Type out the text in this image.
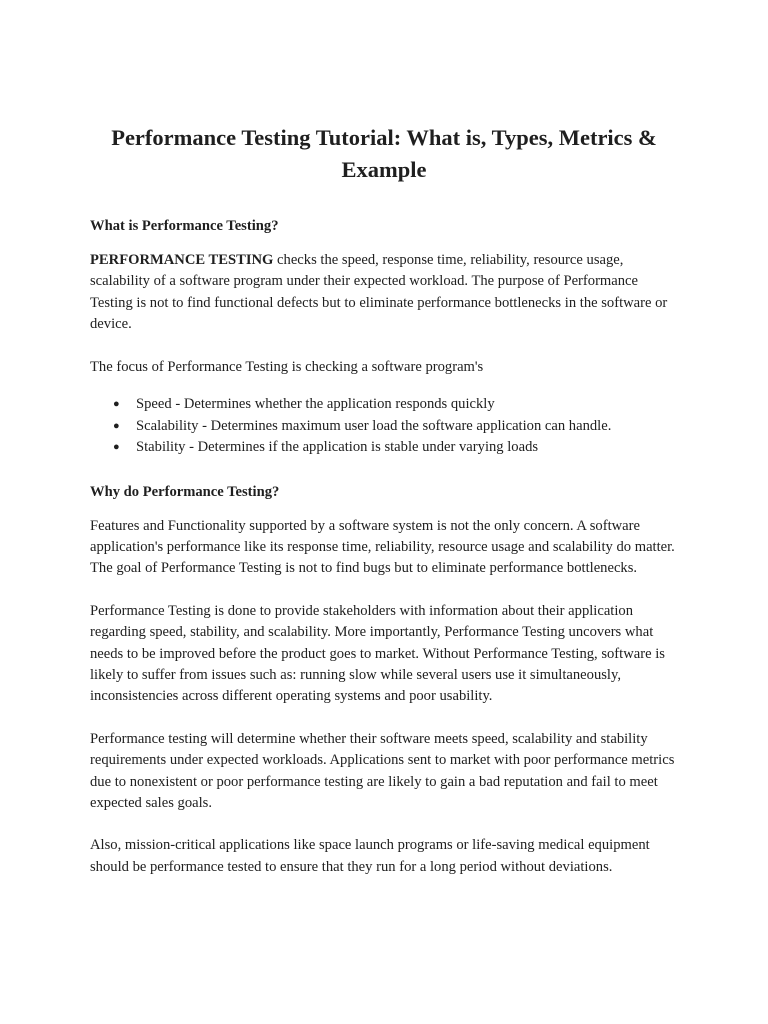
Performance Testing Tutorial: What is, Types, Metrics &
Example
What is Performance Testing?

PERFORMANCE TESTING checks the speed, response time, reliability, resource usage, scalability of a software program under their expected workload. The purpose of Performance Testing is not to find functional defects but to eliminate performance bottlenecks in the software or device.

The focus of Performance Testing is checking a software program's

● Speed - Determines whether the application responds quickly
● Scalability - Determines maximum user load the software application can handle.
● Stability - Determines if the application is stable under varying loads
Why do Performance Testing?

Features and Functionality supported by a software system is not the only concern. A software application's performance like its response time, reliability, resource usage and scalability do matter. The goal of Performance Testing is not to find bugs but to eliminate performance bottlenecks.

Performance Testing is done to provide stakeholders with information about their application regarding speed, stability, and scalability. More importantly, Performance Testing uncovers what needs to be improved before the product goes to market. Without Performance Testing, software is likely to suffer from issues such as: running slow while several users use it simultaneously, inconsistencies across different operating systems and poor usability.

Performance testing will determine whether their software meets speed, scalability and stability requirements under expected workloads. Applications sent to market with poor performance metrics due to nonexistent or poor performance testing are likely to gain a bad reputation and fail to meet expected sales goals.

Also, mission-critical applications like space launch programs or life-saving medical equipment should be performance tested to ensure that they run for a long period without deviations.
